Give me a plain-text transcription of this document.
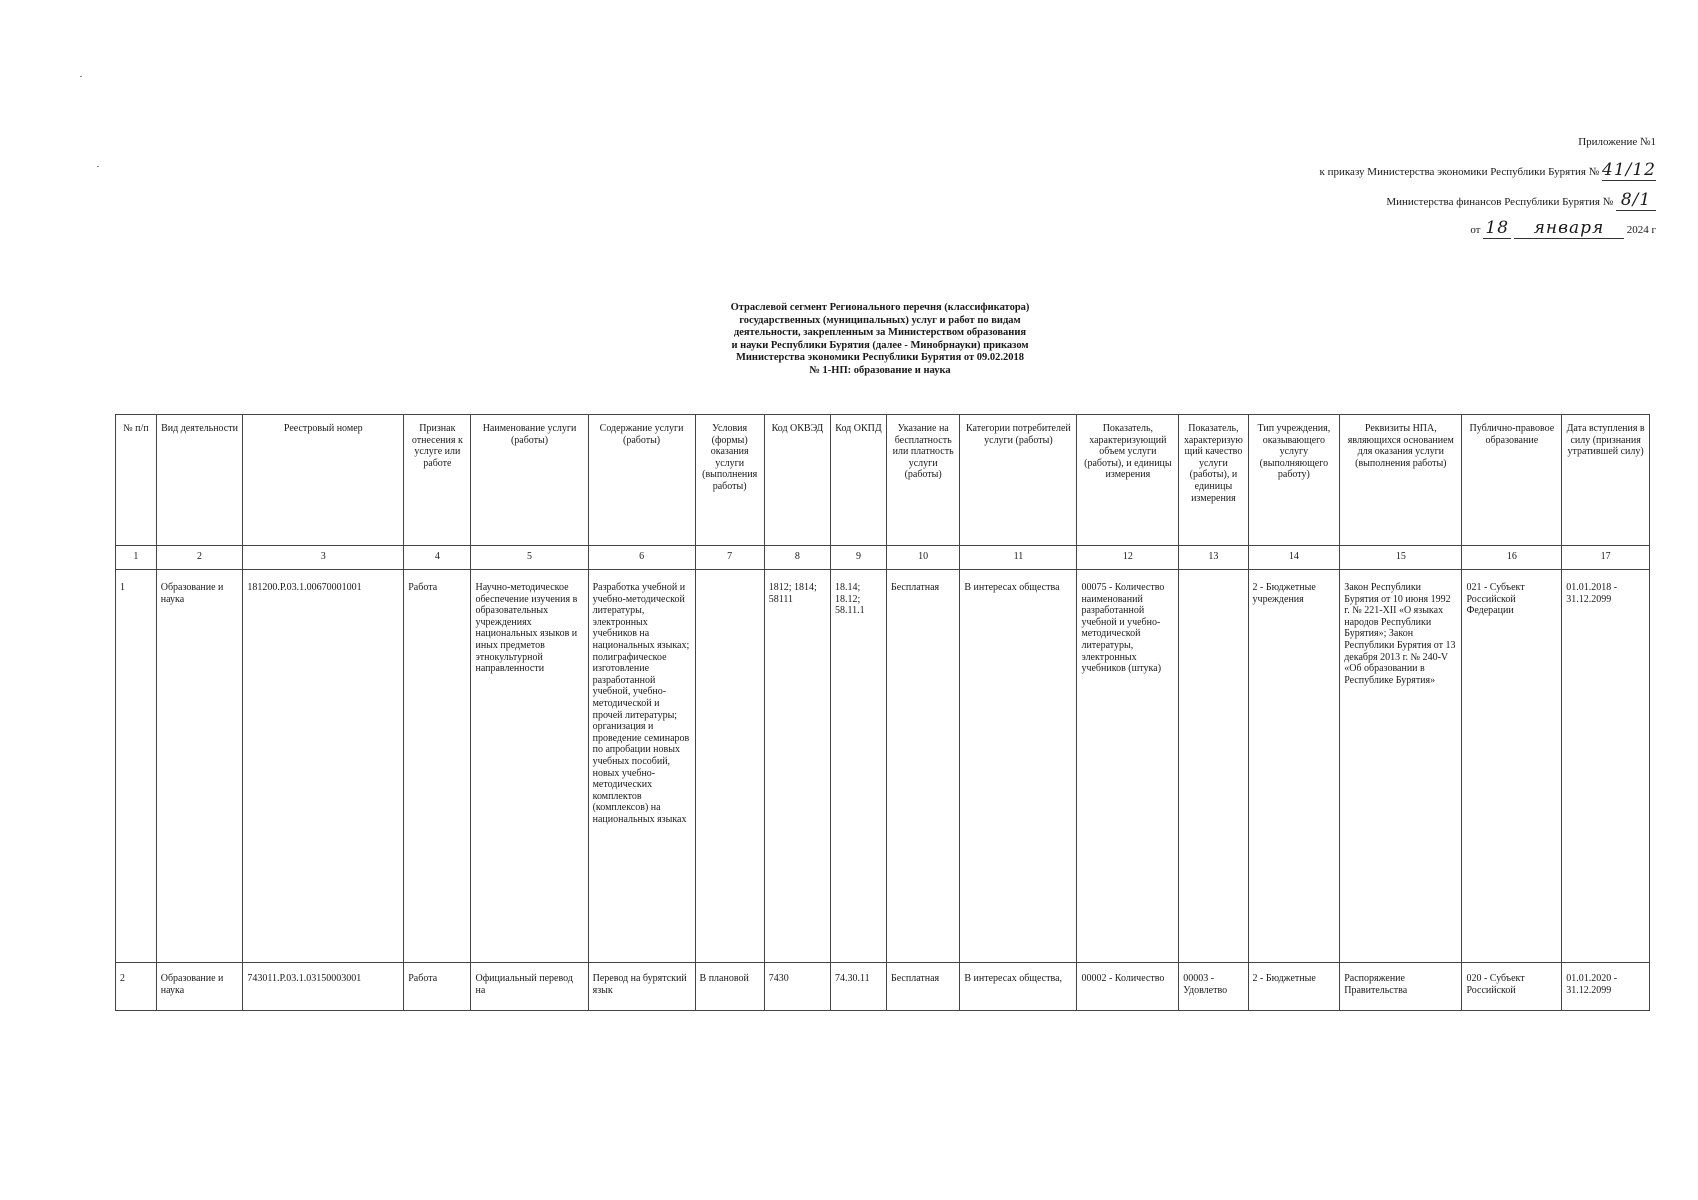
Приложение №1
к приказу Министерства экономики Республики Бурятия № 41/12
Министерства финансов Республики Бурятия № 8/1
от 18 января 2024 г
Отраслевой сегмент Регионального перечня (классификатора)
государственных (муниципальных) услуг и работ по видам
деятельности, закрепленным за Министерством образования
и науки Республики Бурятия (далее - Минобрнауки) приказом
Министерства экономики Республики Бурятия от 09.02.2018
№ 1-НП: образование и наука
№ п/п	Вид деятельности	Реестровый номер	Признак отнесения к услуге или работе	Наименование услуги (работы)	Содержание услуги (работы)	Условия (формы) оказания услуги (выполнения работы)	Код ОКВЭД	Код ОКПД	Указание на бесплатность или платность услуги (работы)	Категории потребителей услуги (работы)	Показатель, характеризующий объем услуги (работы), и единицы измерения	Показатель, характеризующий качество услуги (работы), и единицы измерения	Тип учреждения, оказывающего услугу (выполняющего работу)	Реквизиты НПА, являющихся основанием для оказания услуги (выполнения работы)	Публично-правовое образование	Дата вступления в силу (признания утратившей силу)
1	2	3	4	5	6	7	8	9	10	11	12	13	14	15	16	17
1	Образование и наука	181200.Р.03.1.00670001001	Работа	Научно-методическое обеспечение изучения в образовательных учреждениях национальных языков и иных предметов этнокультурной направленности	Разработка учебной и учебно-методической литературы, электронных учебников на национальных языках; полиграфическое изготовление разработанной учебной, учебно-методической и прочей литературы; организация и проведение семинаров по апробации новых учебных пособий, новых учебно-методических комплектов (комплексов) на национальных языках		1812; 1814; 58111	18.14; 18.12; 58.11.1	Бесплатная	В интересах общества	00075 - Количество наименований разработанной учебной и учебно-методической литературы, электронных учебников (штука)		2 - Бюджетные учреждения	Закон Республики Бурятия от 10 июня 1992 г. № 221-XII «О языках народов Республики Бурятия»; Закон Республики Бурятия от 13 декабря 2013 г. № 240-V «Об образовании в Республике Бурятия»	021 - Субъект Российской Федерации	01.01.2018 - 31.12.2099
2	Образование и наука	743011.Р.03.1.03150003001	Работа	Официальный перевод на	Перевод на бурятский язык	В плановой	7430	74.30.11	Бесплатная	В интересах общества,	00002 - Количество	00003 - Удовлетво	2 - Бюджетные	Распоряжение Правительства	020 - Субъект Российской	01.01.2020 - 31.12.2099
